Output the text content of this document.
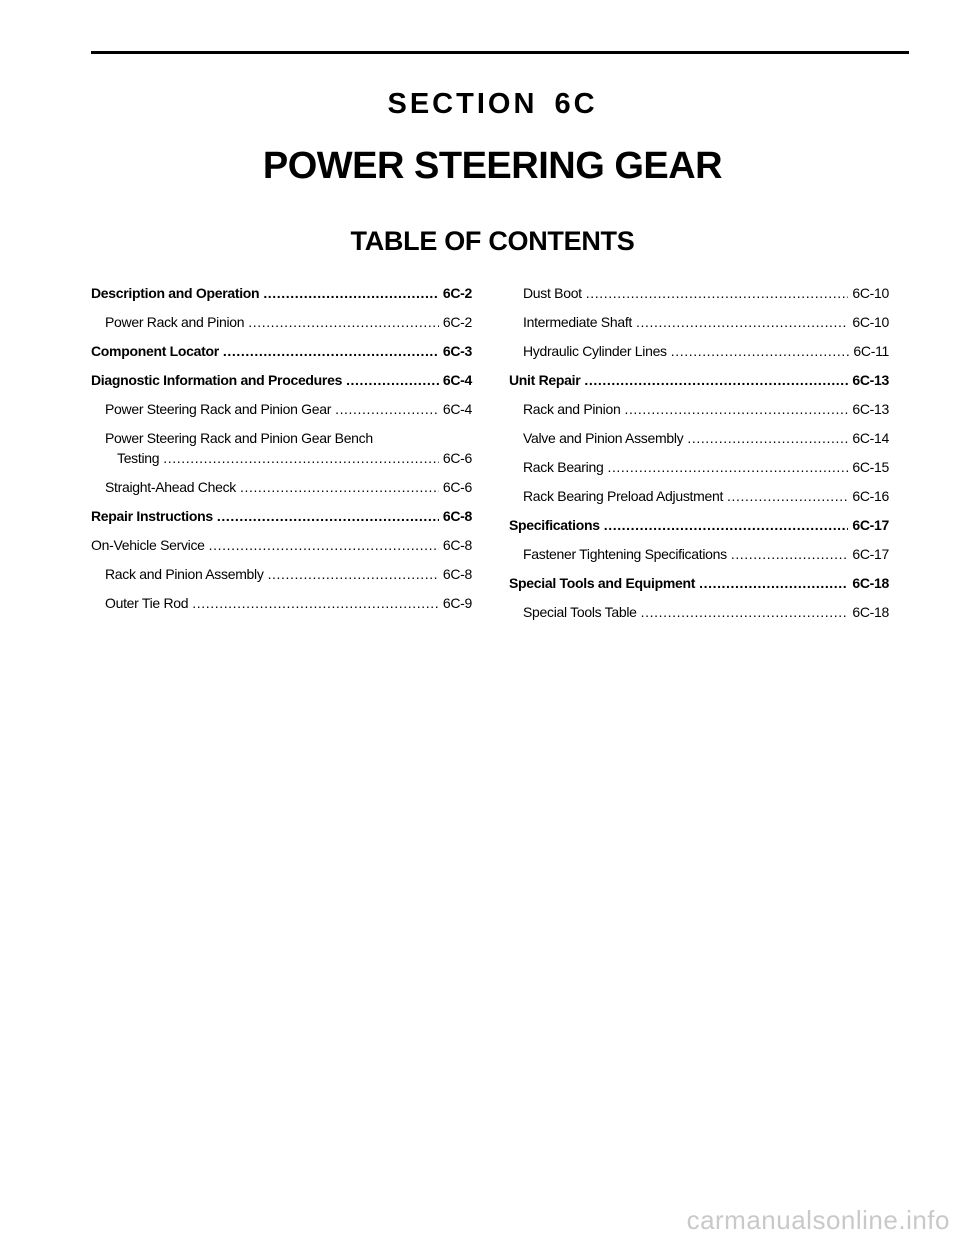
SECTION 6C
POWER STEERING GEAR
TABLE OF CONTENTS
Description and Operation .....	6C-2
Power Rack and Pinion .....	6C-2
Component Locator .....	6C-3
Diagnostic Information and Procedures .....	6C-4
Power Steering Rack and Pinion Gear .....	6C-4
Power Steering Rack and Pinion Gear Bench
Testing .....	6C-6
Straight-Ahead Check .....	6C-6
Repair Instructions .....	6C-8
On-Vehicle Service .....	6C-8
Rack and Pinion Assembly .....	6C-8
Outer Tie Rod .....	6C-9
Dust Boot .....	6C-10
Intermediate Shaft .....	6C-10
Hydraulic Cylinder Lines .....	6C-11
Unit Repair .....	6C-13
Rack and Pinion .....	6C-13
Valve and Pinion Assembly .....	6C-14
Rack Bearing .....	6C-15
Rack Bearing Preload Adjustment .....	6C-16
Specifications .....	6C-17
Fastener Tightening Specifications .....	6C-17
Special Tools and Equipment .....	6C-18
Special Tools Table .....	6C-18
carmanualsonline.info
